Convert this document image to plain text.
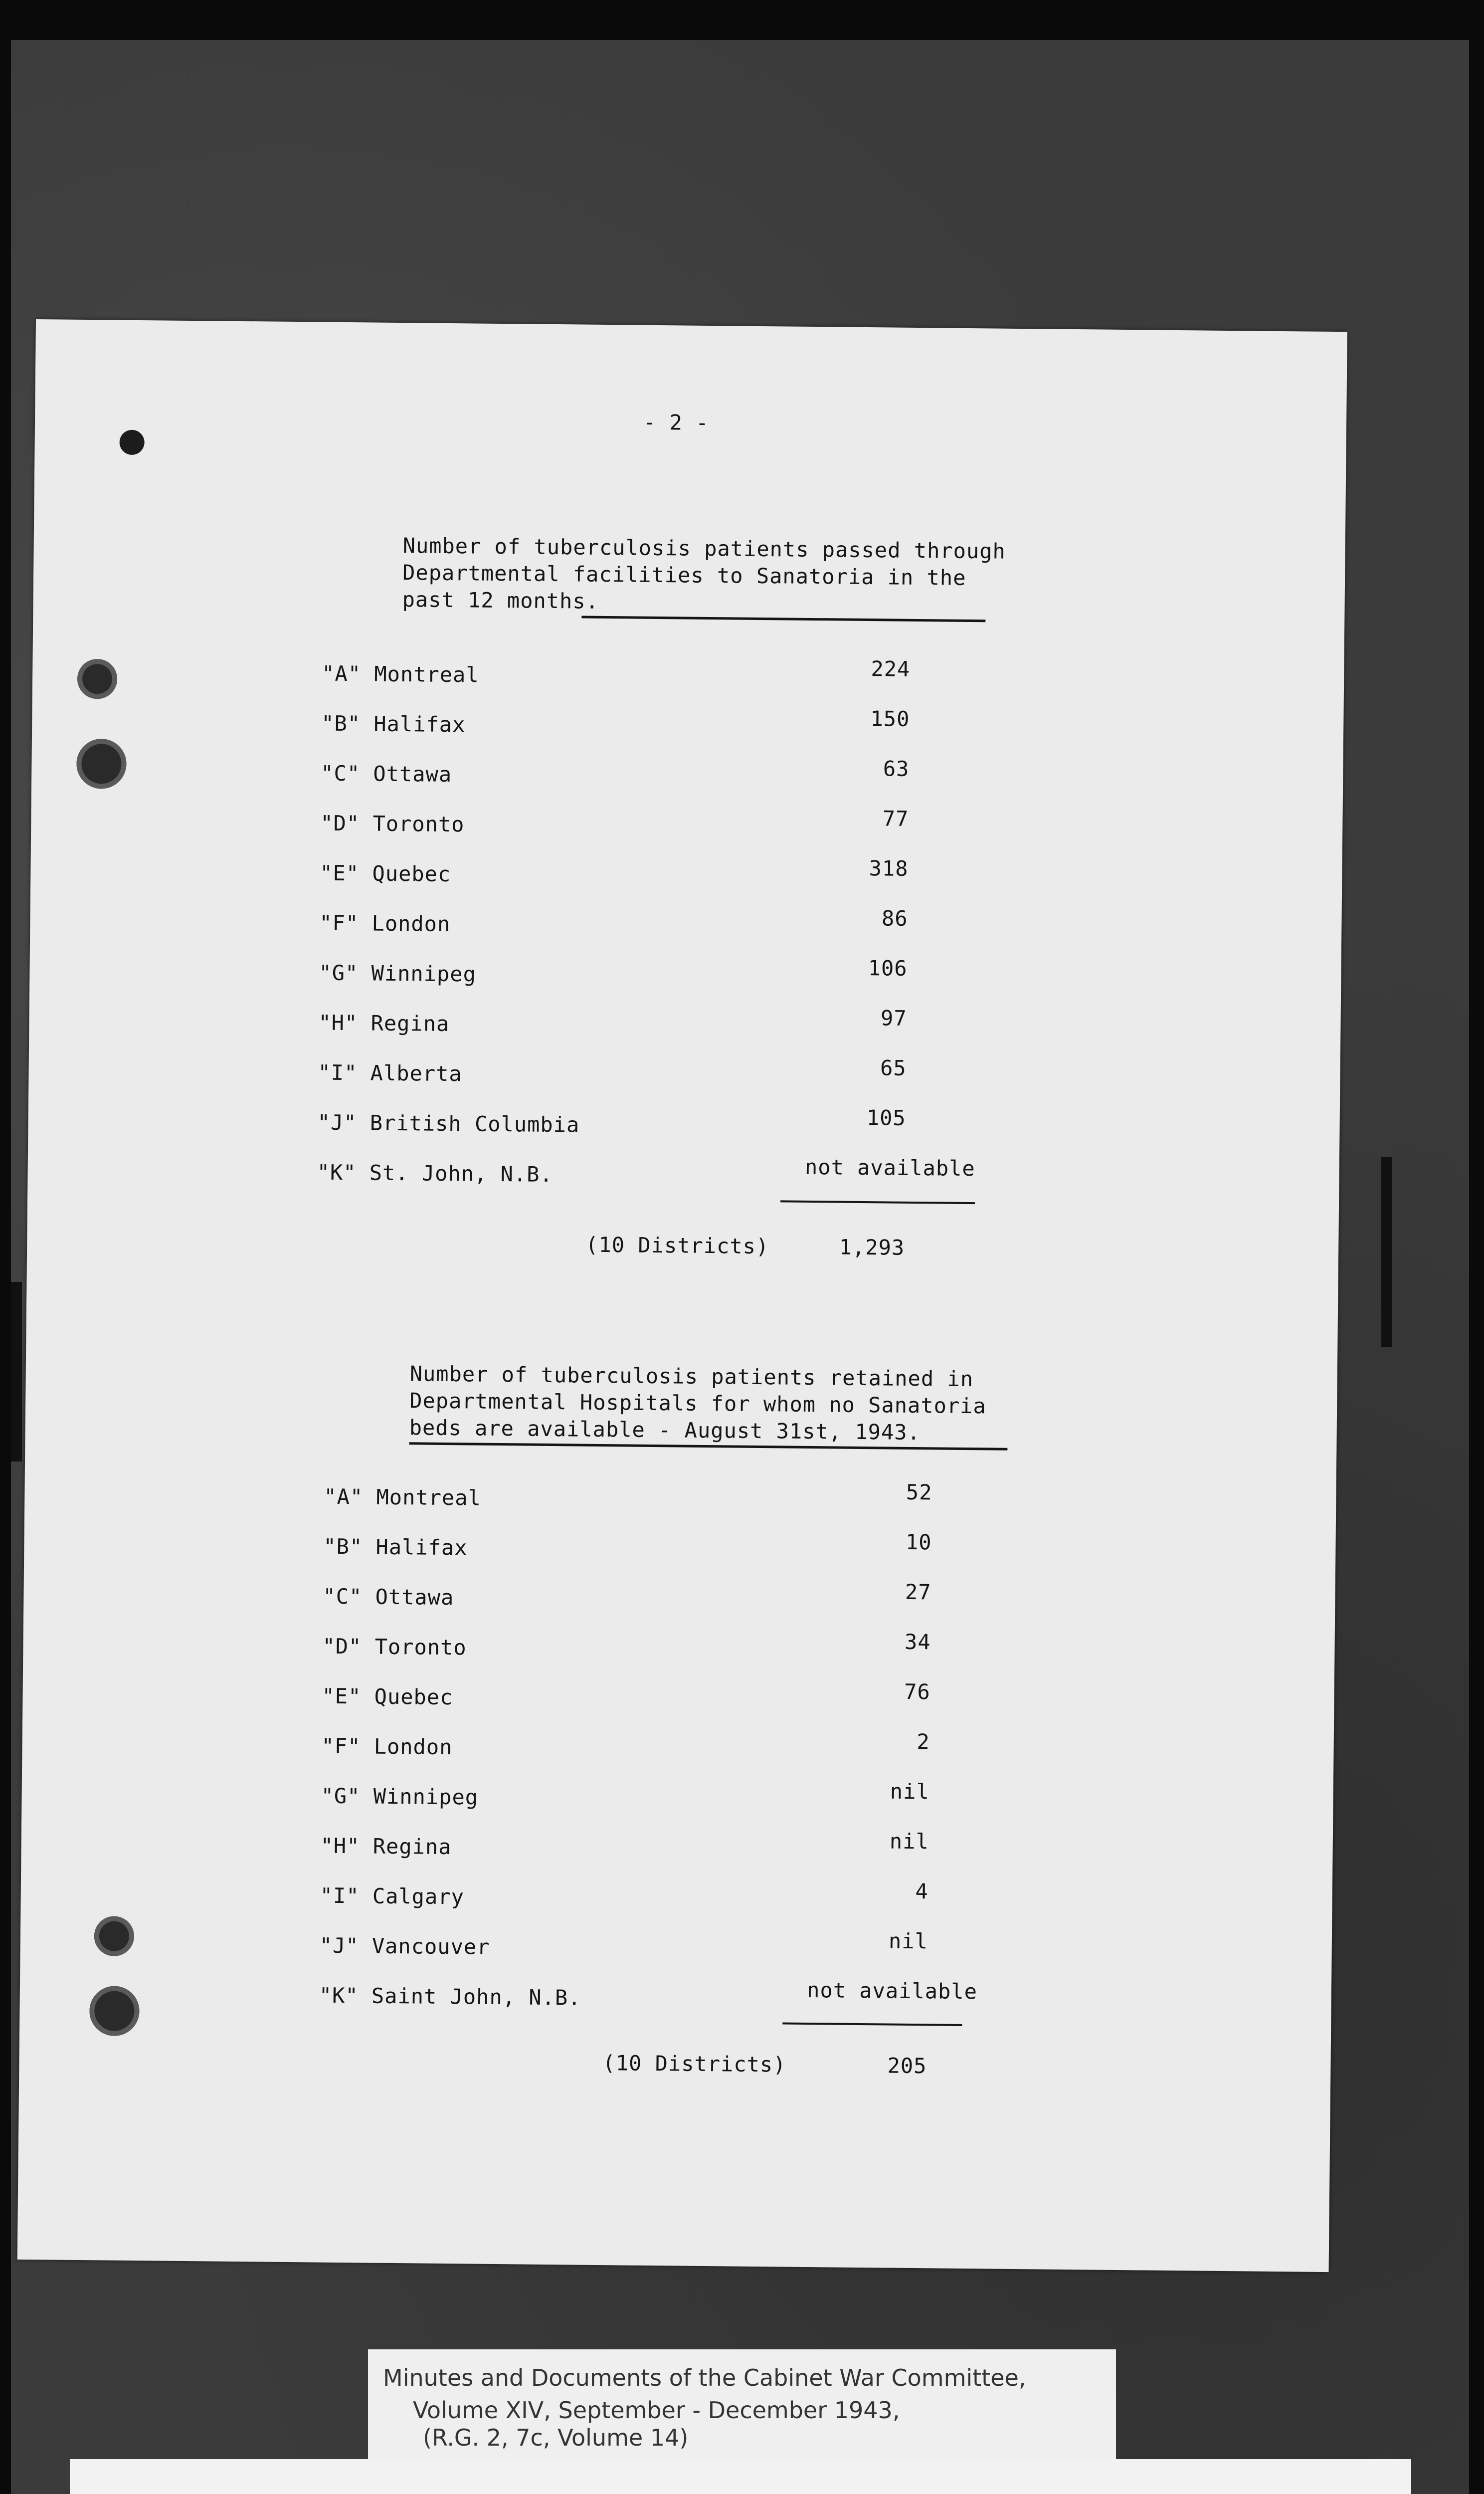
- 2 -
Number of tuberculosis patients passed through
Departmental facilities to Sanatoria in the
past 12 months.
"A" Montreal	224
"B" Halifax	150
"C" Ottawa	63
"D" Toronto	77
"E" Quebec	318
"F" London	86
"G" Winnipeg	106
"H" Regina	97
"I" Alberta	65
"J" British Columbia	105
"K" St. John, N.B.	not available
(10 Districts)	1,293
Number of tuberculosis patients retained in
Departmental Hospitals for whom no Sanatoria
beds are available - August 31st, 1943.
"A" Montreal	52
"B" Halifax	10
"C" Ottawa	27
"D" Toronto	34
"E" Quebec	76
"F" London	2
"G" Winnipeg	nil
"H" Regina	nil
"I" Calgary	4
"J" Vancouver	nil
"K" Saint John, N.B.	not available
(10 Districts)	205
Minutes and Documents of the Cabinet War Committee,
Volume XIV, September - December 1943,
(R.G. 2, 7c, Volume 14)
